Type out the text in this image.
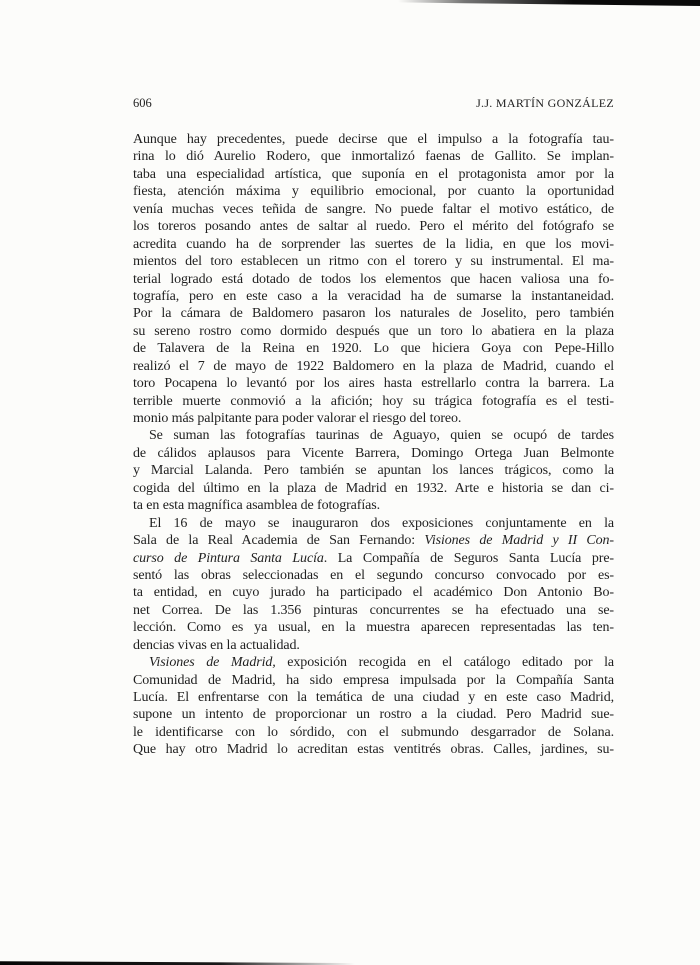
606	J.J. MARTÍN GONZÁLEZ
Aunque hay precedentes, puede decirse que el impulso a la fotografía tau-
rina lo dió Aurelio Rodero, que inmortalizó faenas de Gallito. Se implan-
taba una especialidad artística, que suponía en el protagonista amor por la
fiesta, atención máxima y equilibrio emocional, por cuanto la oportunidad
venía muchas veces teñida de sangre. No puede faltar el motivo estático, de
los toreros posando antes de saltar al ruedo. Pero el mérito del fotógrafo se
acredita cuando ha de sorprender las suertes de la lidia, en que los movi-
mientos del toro establecen un ritmo con el torero y su instrumental. El ma-
terial logrado está dotado de todos los elementos que hacen valiosa una fo-
tografía, pero en este caso a la veracidad ha de sumarse la instantaneidad.
Por la cámara de Baldomero pasaron los naturales de Joselito, pero también
su sereno rostro como dormido después que un toro lo abatiera en la plaza
de Talavera de la Reina en 1920. Lo que hiciera Goya con Pepe-Hillo
realizó el 7 de mayo de 1922 Baldomero en la plaza de Madrid, cuando el
toro Pocapena lo levantó por los aires hasta estrellarlo contra la barrera. La
terrible muerte conmovió a la afición; hoy su trágica fotografía es el testi-
monio más palpitante para poder valorar el riesgo del toreo.
Se suman las fotografías taurinas de Aguayo, quien se ocupó de tardes
de cálidos aplausos para Vicente Barrera, Domingo Ortega Juan Belmonte
y Marcial Lalanda. Pero también se apuntan los lances trágicos, como la
cogida del último en la plaza de Madrid en 1932. Arte e historia se dan ci-
ta en esta magnífica asamblea de fotografías.
El 16 de mayo se inauguraron dos exposiciones conjuntamente en la
Sala de la Real Academia de San Fernando: Visiones de Madrid y II Con-
curso de Pintura Santa Lucía. La Compañía de Seguros Santa Lucía pre-
sentó las obras seleccionadas en el segundo concurso convocado por es-
ta entidad, en cuyo jurado ha participado el académico Don Antonio Bo-
net Correa. De las 1.356 pinturas concurrentes se ha efectuado una se-
lección. Como es ya usual, en la muestra aparecen representadas las ten-
dencias vivas en la actualidad.
Visiones de Madrid, exposición recogida en el catálogo editado por la
Comunidad de Madrid, ha sido empresa impulsada por la Compañía Santa
Lucía. El enfrentarse con la temática de una ciudad y en este caso Madrid,
supone un intento de proporcionar un rostro a la ciudad. Pero Madrid sue-
le identificarse con lo sórdido, con el submundo desgarrador de Solana.
Que hay otro Madrid lo acreditan estas ventitrés obras. Calles, jardines, su-
